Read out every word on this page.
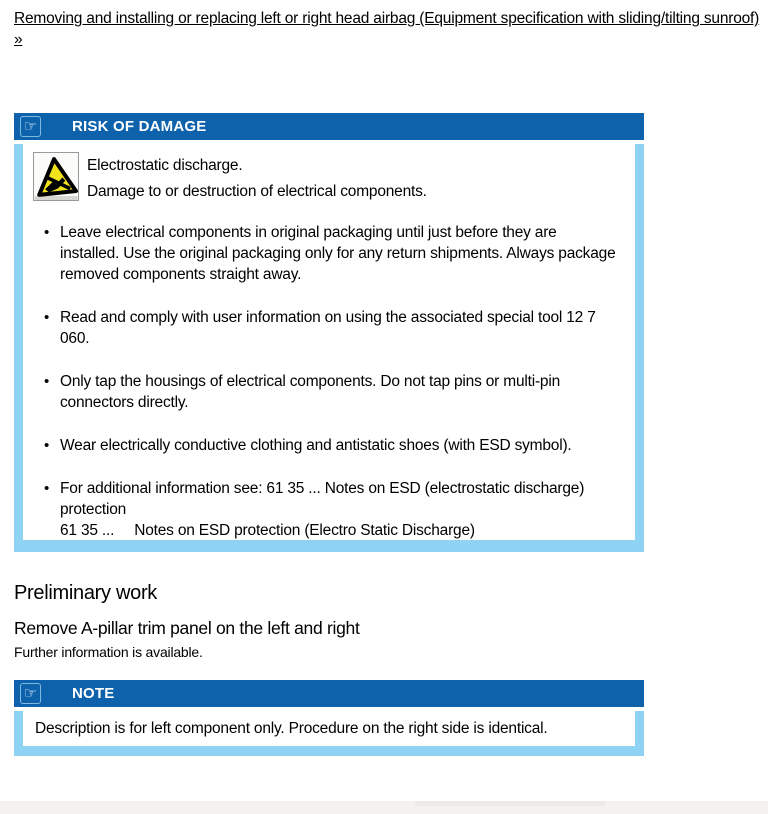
Removing and installing or replacing left or right head airbag (Equipment specification with sliding/tilting sunroof) »
☞ RISK OF DAMAGE
Electrostatic discharge.
Damage to or destruction of electrical components.
• Leave electrical components in original packaging until just before they are installed. Use the original packaging only for any return shipments. Always package removed components straight away.
• Read and comply with user information on using the associated special tool 12 7 060.
• Only tap the housings of electrical components. Do not tap pins or multi-pin connectors directly.
• Wear electrically conductive clothing and antistatic shoes (with ESD symbol).
• For additional information see: 61 35 ... Notes on ESD (electrostatic discharge) protection
61 35 ... Notes on ESD protection (Electro Static Discharge)
Preliminary work
Remove A-pillar trim panel on the left and right

Further information is available.

☞ NOTE
Description is for left component only. Procedure on the right side is identical.
